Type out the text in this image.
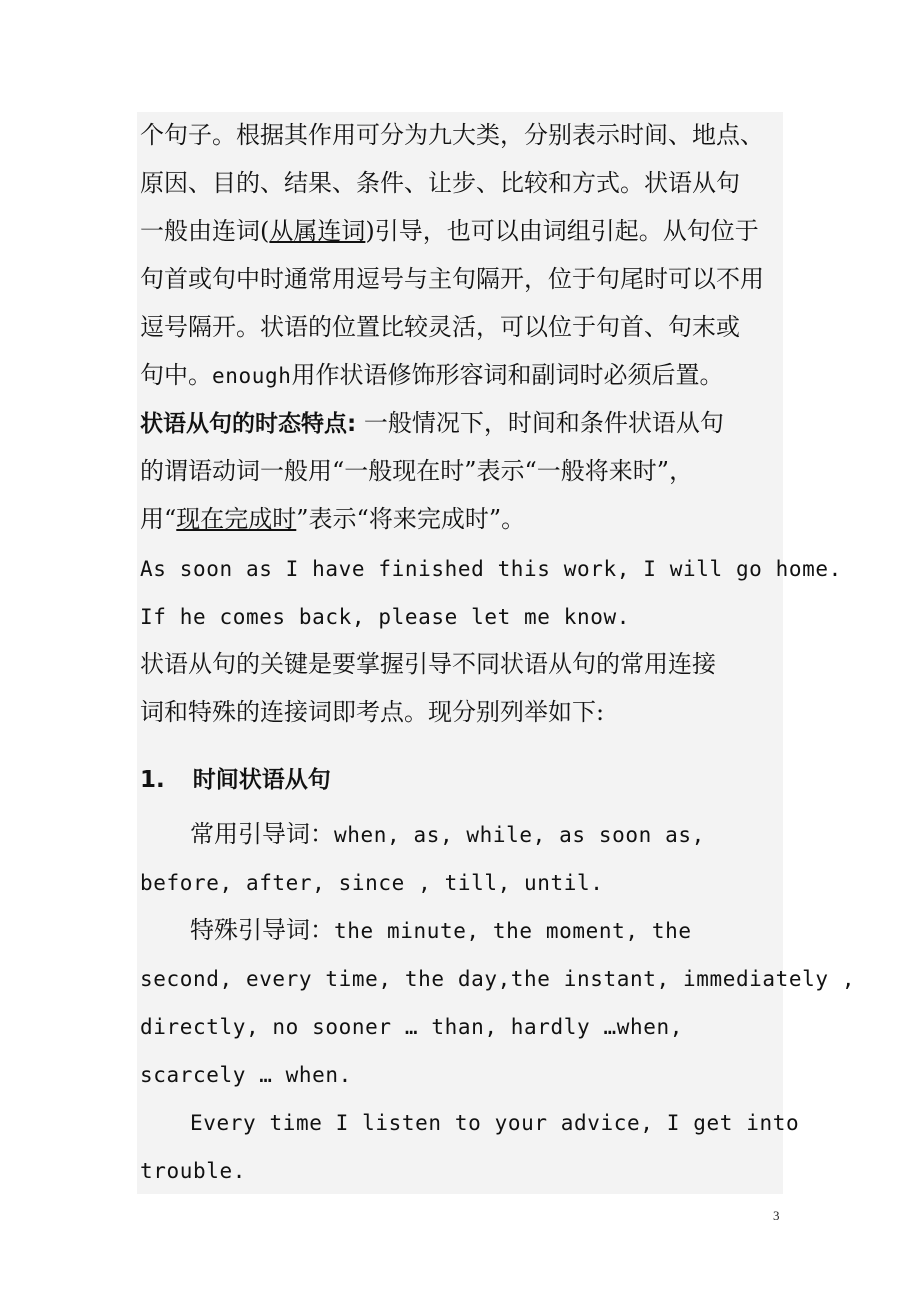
个句子。根据其作用可分为九大类，分别表示时间、地点、
原因、目的、结果、条件、让步、比较和方式。状语从句
一般由连词(从属连词)引导，也可以由词组引起。从句位于
句首或句中时通常用逗号与主句隔开，位于句尾时可以不用
逗号隔开。状语的位置比较灵活，可以位于句首、句末或
句中。enough用作状语修饰形容词和副词时必须后置。
状语从句的时态特点: 一般情况下，时间和条件状语从句
的谓语动词一般用“一般现在时”表示“一般将来时”，
用“现在完成时”表示“将来完成时”。
As soon as I have finished this work, I will go home.
If he comes back, please let me know.
状语从句的关键是要掌握引导不同状语从句的常用连接
词和特殊的连接词即考点。现分别列举如下:
1. 时间状语从句
常用引导词：when, as, while, as soon as,
before, after, since , till, until.
特殊引导词：the minute, the moment, the
second, every time, the day,the instant, immediately ,
directly, no sooner … than, hardly …when,
scarcely … when.
Every time I listen to your advice, I get into
trouble.
3
